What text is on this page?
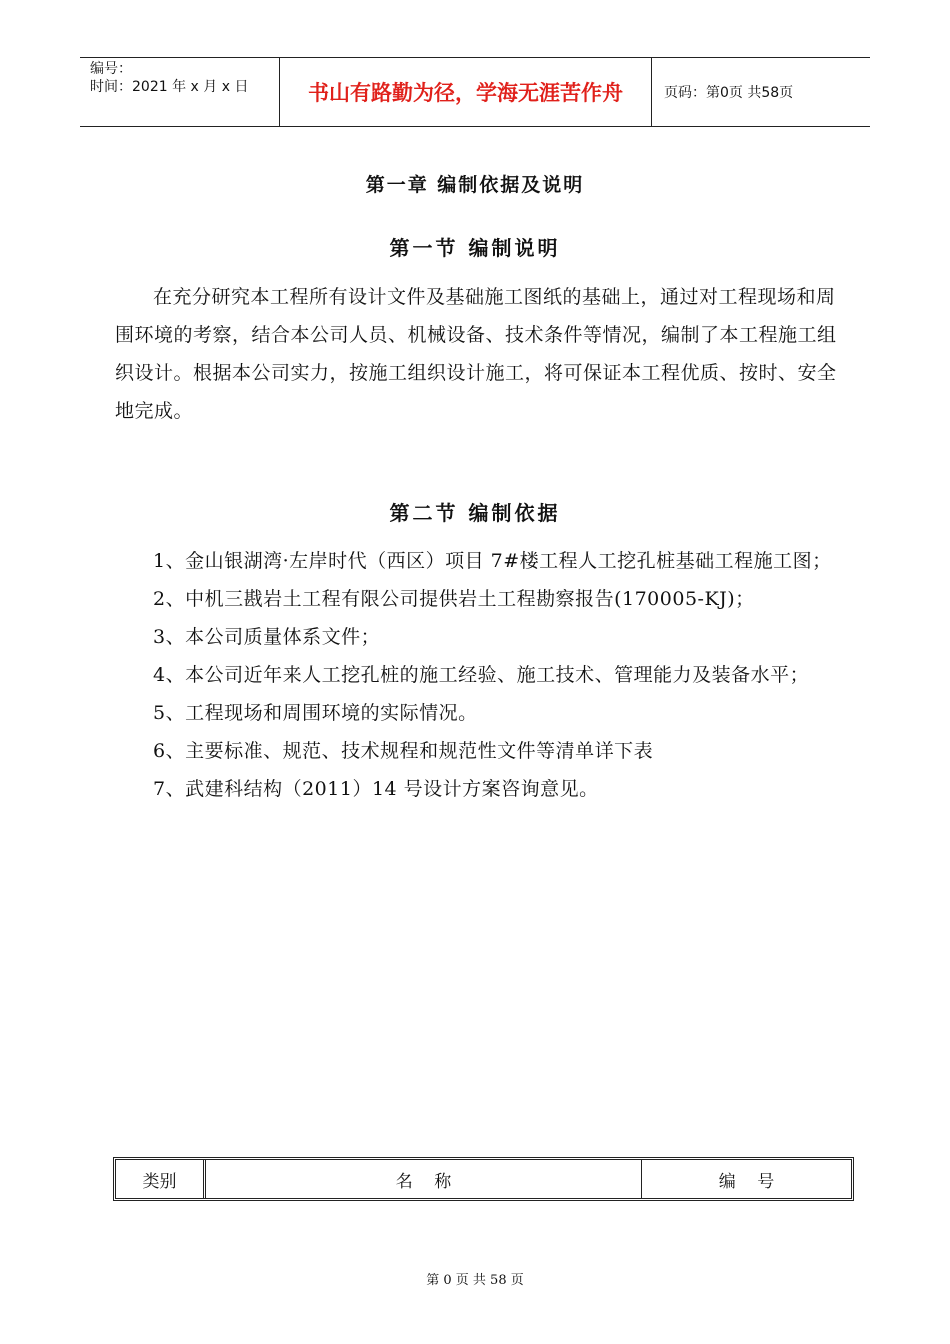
编号：
时间：2021 年 x 月 x 日	书山有路勤为径，学海无涯苦作舟	页码：第0页 共58页
第一章 编制依据及说明
第一节 编制说明
在充分研究本工程所有设计文件及基础施工图纸的基础上，通过对工程现场和周围环境的考察，结合本公司人员、机械设备、技术条件等情况，编制了本工程施工组织设计。根据本公司实力，按施工组织设计施工，将可保证本工程优质、按时、安全地完成。
第二节 编制依据
1、金山银湖湾·左岸时代（西区）项目 7#楼工程人工挖孔桩基础工程施工图；
2、中机三戡岩土工程有限公司提供岩土工程勘察报告(170005-KJ)；
3、本公司质量体系文件；
4、本公司近年来人工挖孔桩的施工经验、施工技术、管理能力及装备水平；
5、工程现场和周围环境的实际情况。
6、主要标准、规范、技术规程和规范性文件等清单详下表
7、武建科结构（2011）14 号设计方案咨询意见。
类别	名    称	编    号
第 0 页 共 58 页
